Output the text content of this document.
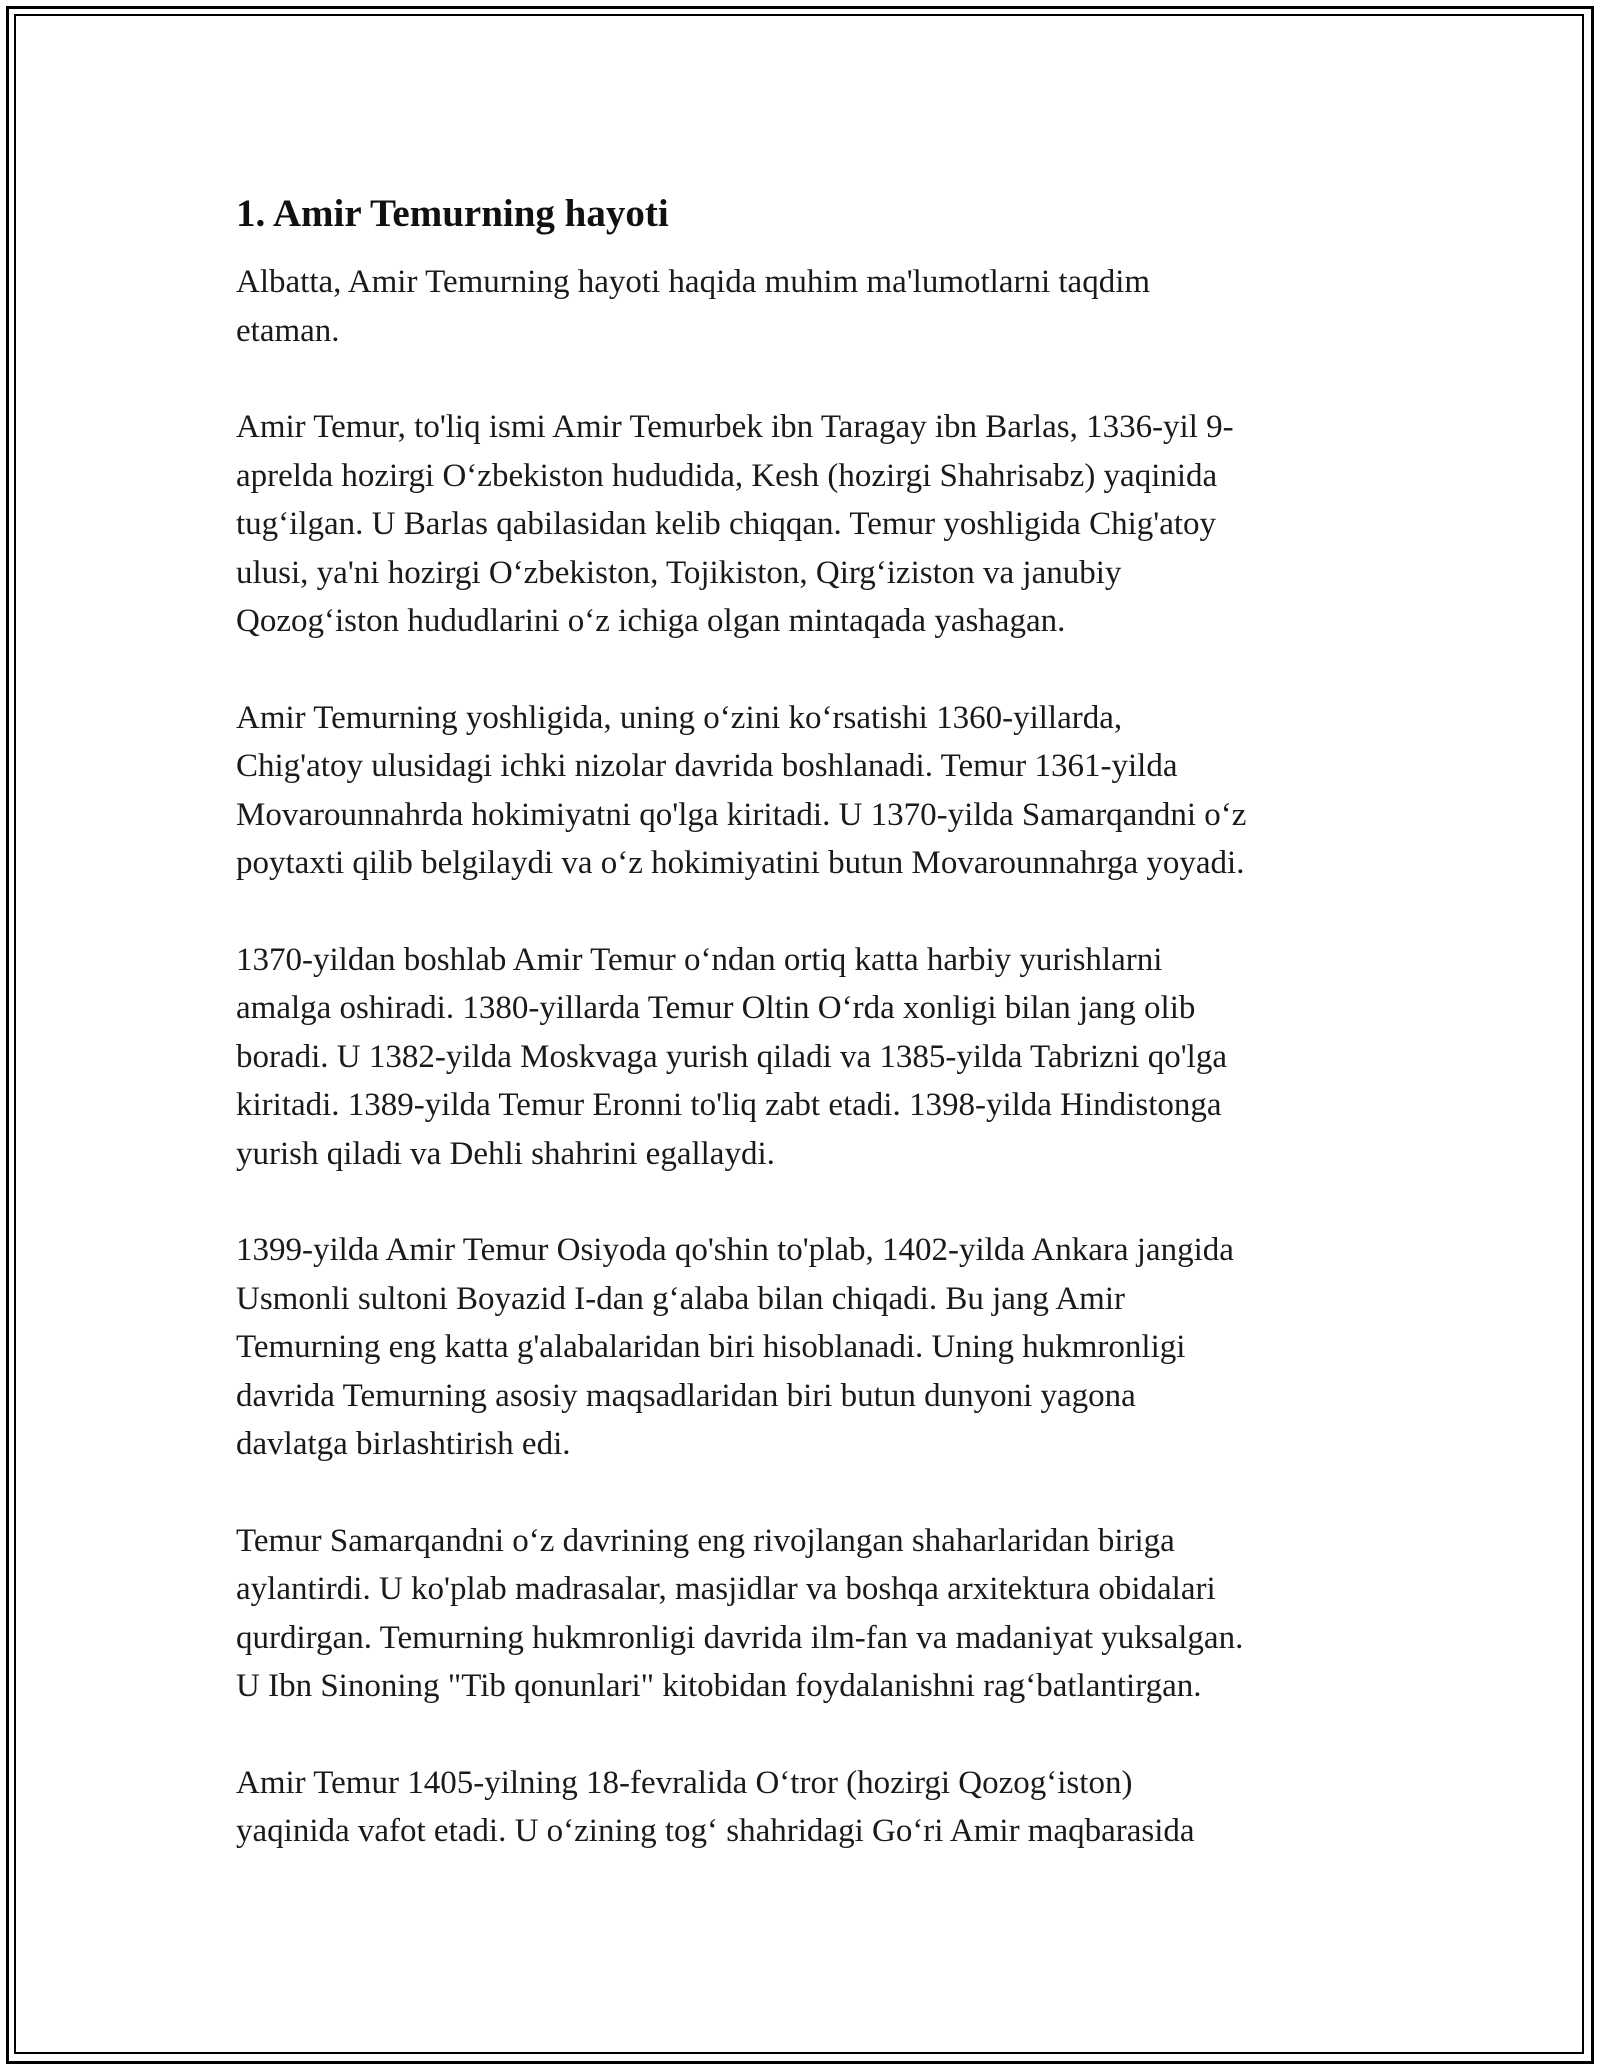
1. Amir Temurning hayoti
Albatta, Amir Temurning hayoti haqida muhim ma'lumotlarni taqdim
etaman.
Amir Temur, to'liq ismi Amir Temurbek ibn Taragay ibn Barlas, 1336-yil 9-
aprelda hozirgi O‘zbekiston hududida, Kesh (hozirgi Shahrisabz) yaqinida
tug‘ilgan. U Barlas qabilasidan kelib chiqqan. Temur yoshligida Chig'atoy
ulusi, ya'ni hozirgi O‘zbekiston, Tojikiston, Qirg‘iziston va janubiy
Qozog‘iston hududlarini o‘z ichiga olgan mintaqada yashagan.
Amir Temurning yoshligida, uning o‘zini ko‘rsatishi 1360-yillarda,
Chig'atoy ulusidagi ichki nizolar davrida boshlanadi. Temur 1361-yilda
Movarounnahrda hokimiyatni qo'lga kiritadi. U 1370-yilda Samarqandni o‘z
poytaxti qilib belgilaydi va o‘z hokimiyatini butun Movarounnahrga yoyadi.
1370-yildan boshlab Amir Temur o‘ndan ortiq katta harbiy yurishlarni
amalga oshiradi. 1380-yillarda Temur Oltin O‘rda xonligi bilan jang olib
boradi. U 1382-yilda Moskvaga yurish qiladi va 1385-yilda Tabrizni qo'lga
kiritadi. 1389-yilda Temur Eronni to'liq zabt etadi. 1398-yilda Hindistonga
yurish qiladi va Dehli shahrini egallaydi.
1399-yilda Amir Temur Osiyoda qo'shin to'plab, 1402-yilda Ankara jangida
Usmonli sultoni Boyazid I-dan g‘alaba bilan chiqadi. Bu jang Amir
Temurning eng katta g'alabalaridan biri hisoblanadi. Uning hukmronligi
davrida Temurning asosiy maqsadlaridan biri butun dunyoni yagona
davlatga birlashtirish edi.
Temur Samarqandni o‘z davrining eng rivojlangan shaharlaridan biriga
aylantirdi. U ko'plab madrasalar, masjidlar va boshqa arxitektura obidalari
qurdirgan. Temurning hukmronligi davrida ilm-fan va madaniyat yuksalgan.
U Ibn Sinoning "Tib qonunlari" kitobidan foydalanishni rag‘batlantirgan.
Amir Temur 1405-yilning 18-fevralida O‘tror (hozirgi Qozog‘iston)
yaqinida vafot etadi. U o‘zining tog‘ shahridagi Go‘ri Amir maqbarasida
